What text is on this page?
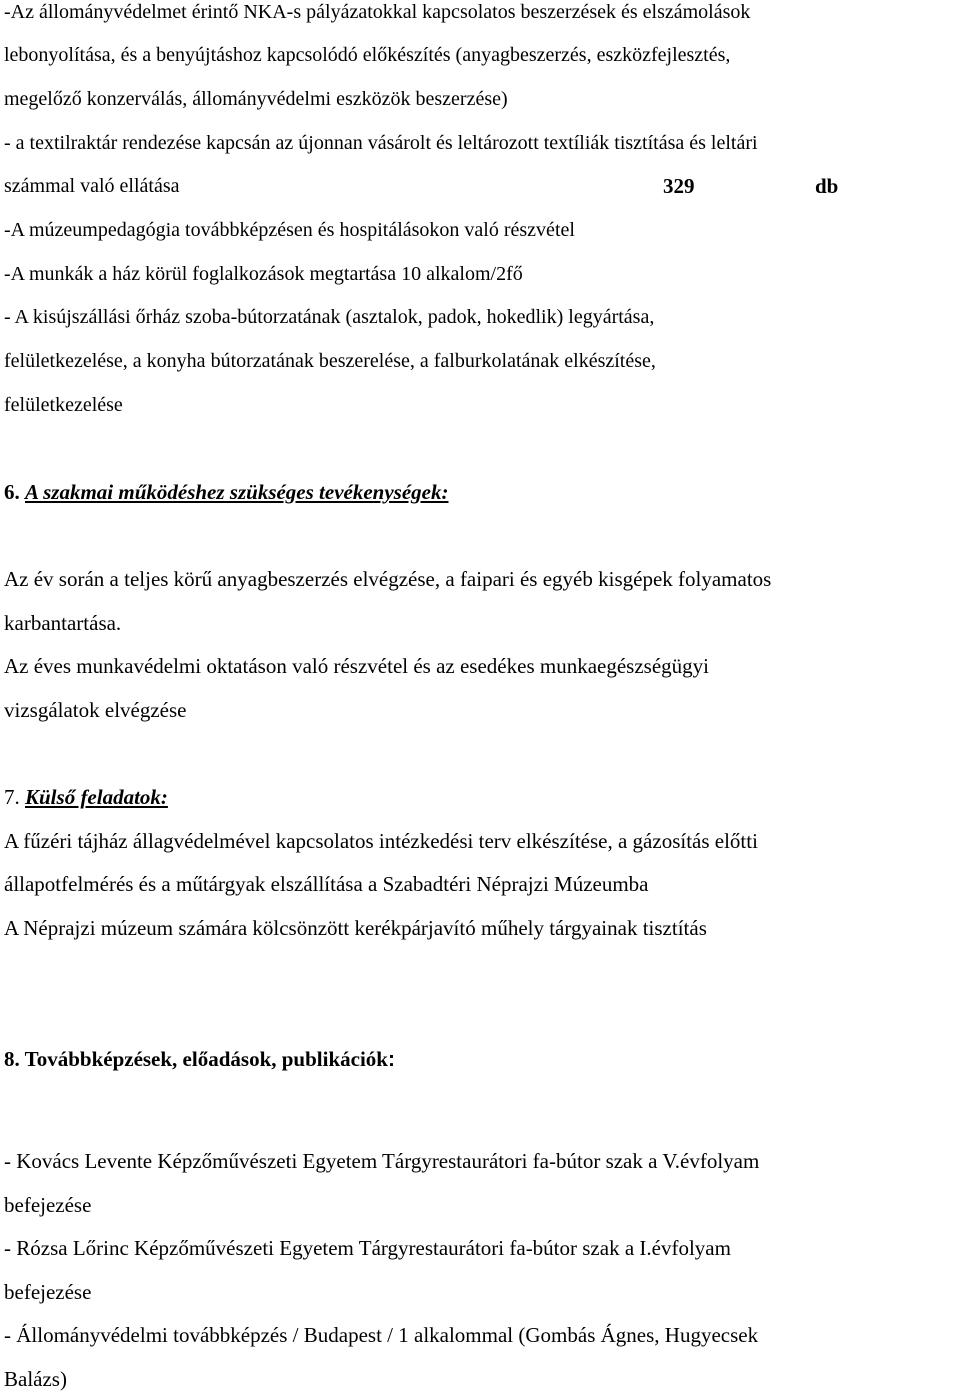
-Az állományvédelmet érintő NKA-s pályázatokkal kapcsolatos beszerzések és elszámolások
lebonyolítása, és a benyújtáshoz kapcsolódó előkészítés (anyagbeszerzés, eszközfejlesztés,
megelőző konzerválás, állományvédelmi eszközök beszerzése)
- a textilraktár rendezése kapcsán az újonnan vásárolt és leltározott textíliák tisztítása és leltári
számmal való ellátása	329	db
-A múzeumpedagógia továbbképzésen és hospitálásokon való részvétel
-A munkák a ház körül foglalkozások megtartása 10 alkalom/2fő
- A kisújszállási őrház szoba-bútorzatának (asztalok, padok, hokedlik) legyártása,
felületkezelése, a konyha bútorzatának beszerelése, a falburkolatának elkészítése,
felületkezelése
6. A szakmai működéshez szükséges tevékenységek:
Az év során a teljes körű anyagbeszerzés elvégzése, a faipari és egyéb kisgépek folyamatos
karbantartása.
Az éves munkavédelmi oktatáson való részvétel és az esedékes munkaegészségügyi
vizsgálatok elvégzése
7. Külső feladatok:
A fűzéri tájház állagvédelmével kapcsolatos intézkedési terv elkészítése, a gázosítás előtti
állapotfelmérés és a műtárgyak elszállítása a Szabadtéri Néprajzi Múzeumba
A Néprajzi múzeum számára kölcsönzött kerékpárjavító műhely tárgyainak tisztítás
8. Továbbképzések, előadások, publikációk:
- Kovács Levente Képzőművészeti Egyetem Tárgyrestaurátori fa-bútor szak a V.évfolyam
befejezése
- Rózsa Lőrinc Képzőművészeti Egyetem Tárgyrestaurátori fa-bútor szak a I.évfolyam
befejezése
- Állományvédelmi továbbképzés / Budapest / 1 alkalommal (Gombás Ágnes, Hugyecsek
Balázs)
